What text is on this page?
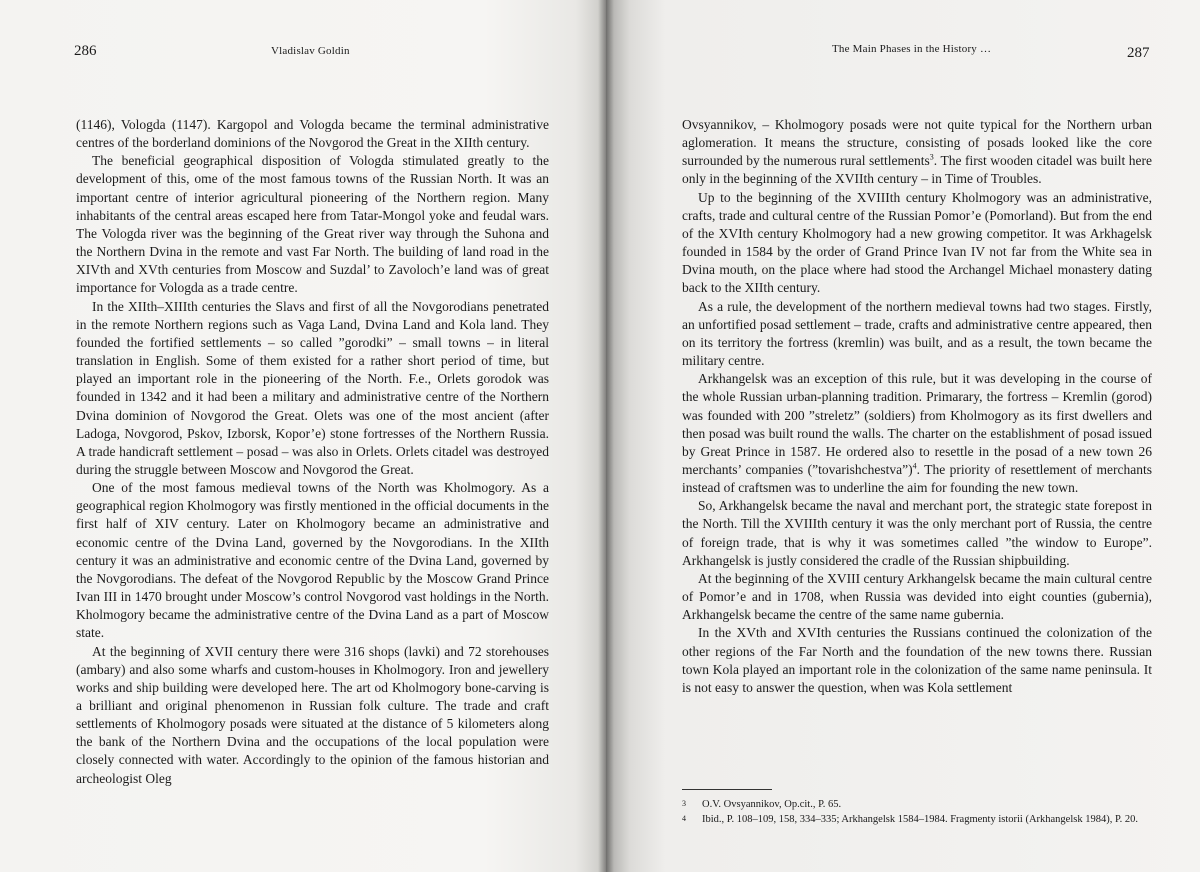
286	Vladislav Goldin

(1146), Vologda (1147). Kargopol and Vologda became the terminal administrative centres of the borderland dominions of the Novgorod the Great in the XIIth century.

The beneficial geographical disposition of Vologda stimulated greatly to the development of this, ome of the most famous towns of the Russian North. It was an important centre of interior agricultural pioneering of the Northern region. Many inhabitants of the central areas escaped here from Tatar-Mongol yoke and feudal wars. The Vologda river was the beginning of the Great river way through the Suhona and the Northern Dvina in the remote and vast Far North. The building of land road in the XIVth and XVth centuries from Moscow and Suzdal’ to Zavoloch’e land was of great importance for Vologda as a trade centre.

In the XIIth–XIIIth centuries the Slavs and first of all the Novgorodians penetrated in the remote Northern regions such as Vaga Land, Dvina Land and Kola land. They founded the fortified settlements – so called ”gorodki” – small towns – in literal translation in English. Some of them existed for a rather short period of time, but played an important role in the pioneering of the North. F.e., Orlets gorodok was founded in 1342 and it had been a military and administrative centre of the Northern Dvina dominion of Novgorod the Great. Olets was one of the most ancient (after Ladoga, Novgorod, Pskov, Izborsk, Kopor’e) stone fortresses of the Northern Russia. A trade handicraft settlement – posad – was also in Orlets. Orlets citadel was destroyed during the struggle between Moscow and Novgorod the Great.

One of the most famous medieval towns of the North was Kholmogory. As a geographical region Kholmogory was firstly mentioned in the official documents in the first half of XIV century. Later on Kholmogory became an administrative and economic centre of the Dvina Land, governed by the Novgorodians. In the XIIth century it was an administrative and economic centre of the Dvina Land, governed by the Novgorodians. The defeat of the Novgorod Republic by the Moscow Grand Prince Ivan III in 1470 brought under Moscow’s control Novgorod vast holdings in the North. Kholmogory became the administrative centre of the Dvina Land as a part of Moscow state.

At the beginning of XVII century there were 316 shops (lavki) and 72 storehouses (ambary) and also some wharfs and custom-houses in Kholmogory. Iron and jewellery works and ship building were developed here. The art od Kholmogory bone-carving is a brilliant and original phenomenon in Russian folk culture. The trade and craft settlements of Kholmogory posads were situated at the distance of 5 kilometers along the bank of the Northern Dvina and the occupations of the local population were closely connected with water. Accordingly to the opinion of the famous historian and archeologist Oleg

The Main Phases in the History …	287

Ovsyannikov, – Kholmogory posads were not quite typical for the Northern urban aglomeration. It means the structure, consisting of posads looked like the core surrounded by the numerous rural settlements$^3$. The first wooden citadel was built here only in the beginning of the XVIIth century – in Time of Troubles.

Up to the beginning of the XVIIIth century Kholmogory was an administrative, crafts, trade and cultural centre of the Russian Pomor’e (Pomorland). But from the end of the XVIth century Kholmogory had a new growing competitor. It was Arkhagelsk founded in 1584 by the order of Grand Prince Ivan IV not far from the White sea in Dvina mouth, on the place where had stood the Archangel Michael monastery dating back to the XIIth century.

As a rule, the development of the northern medieval towns had two stages. Firstly, an unfortified posad settlement – trade, crafts and administrative centre appeared, then on its territory the fortress (kremlin) was built, and as a result, the town became the military centre.

Arkhangelsk was an exception of this rule, but it was developing in the course of the whole Russian urban-planning tradition. Primarary, the fortress – Kremlin (gorod) was founded with 200 ”streletz” (soldiers) from Kholmogory as its first dwellers and then posad was built round the walls. The charter on the establishment of posad issued by Great Prince in 1587. He ordered also to resettle in the posad of a new town 26 merchants’ companies (”tovarishchestva”)$^4$. The priority of resettlement of merchants instead of craftsmen was to underline the aim for founding the new town.

So, Arkhangelsk became the naval and merchant port, the strategic state forepost in the North. Till the XVIIIth century it was the only merchant port of Russia, the centre of foreign trade, that is why it was sometimes called ”the window to Europe”. Arkhangelsk is justly considered the cradle of the Russian shipbuilding.

At the beginning of the XVIII century Arkhangelsk became the main cultural centre of Pomor’e and in 1708, when Russia was devided into eight counties (gubernia), Arkhangelsk became the centre of the same name gubernia.

In the XVth and XVIth centuries the Russians continued the colonization of the other regions of the Far North and the foundation of the new towns there. Russian town Kola played an important role in the colonization of the same name peninsula. It is not easy to answer the question, when was Kola settlement

3	O.V. Ovsyannikov, Op.cit., P. 65.
4	Ibid., P. 108–109, 158, 334–335; Arkhangelsk 1584–1984. Fragmenty istorii (Arkhangelsk 1984), P. 20.
